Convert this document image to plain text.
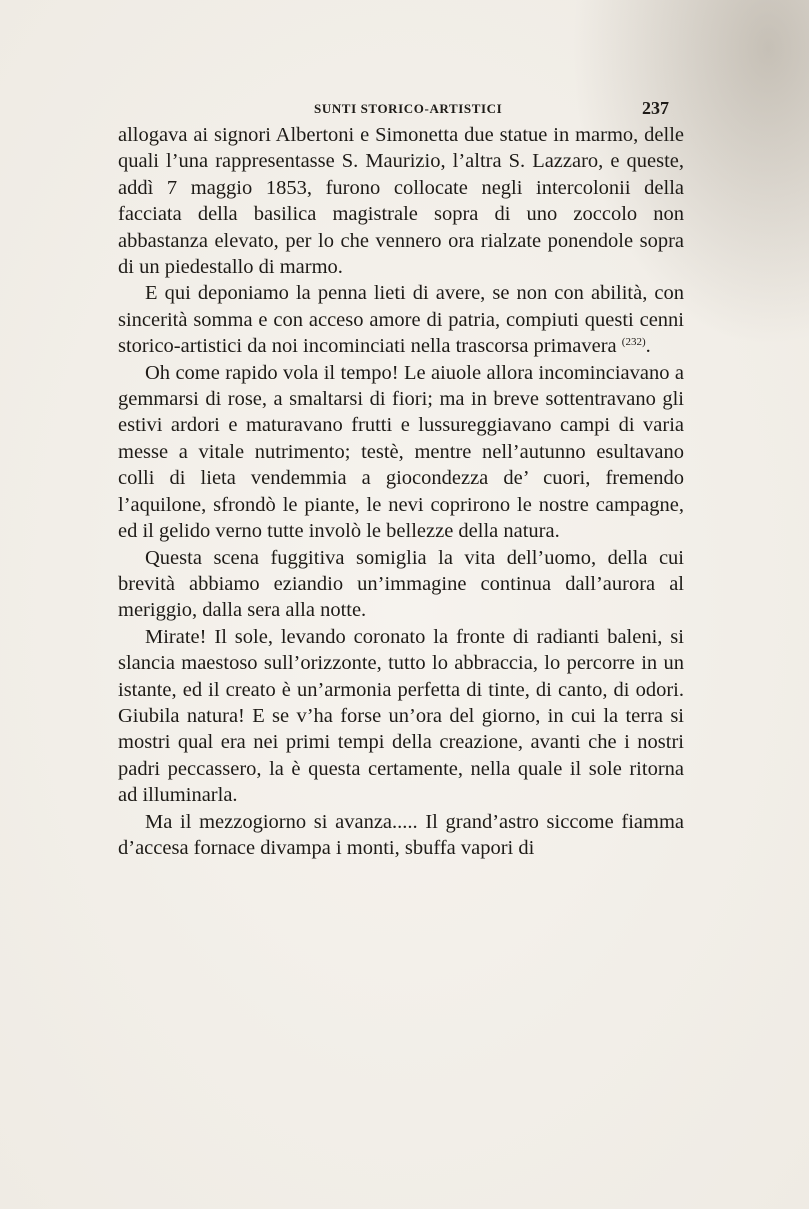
SUNTI STORICO-ARTISTICI	237

allogava ai signori Albertoni e Simonetta due statue in marmo, delle quali l’una rappresentasse S. Maurizio, l’altra S. Lazzaro, e queste, addì 7 maggio 1853, furono collocate negli intercolonii della facciata della basilica magistrale sopra di uno zoccolo non abbastanza elevato, per lo che vennero ora rialzate ponendole sopra di un piedestallo di marmo.

E qui deponiamo la penna lieti di avere, se non con abilità, con sincerità somma e con acceso amore di patria, compiuti questi cenni storico-artistici da noi incominciati nella trascorsa primavera $^{(232)}$.

Oh come rapido vola il tempo! Le aiuole allora incominciavano a gemmarsi di rose, a smaltarsi di fiori; ma in breve sottentravano gli estivi ardori e maturavano frutti e lussureggiavano campi di varia messe a vitale nutrimento; testè, mentre nell’autunno esultavano colli di lieta vendemmia a giocondezza de’ cuori, fremendo l’aquilone, sfrondò le piante, le nevi coprirono le nostre campagne, ed il gelido verno tutte involò le bellezze della natura.

Questa scena fuggitiva somiglia la vita dell’uomo, della cui brevità abbiamo eziandio un’immagine continua dall’aurora al meriggio, dalla sera alla notte.

Mirate! Il sole, levando coronato la fronte di radianti baleni, si slancia maestoso sull’orizzonte, tutto lo abbraccia, lo percorre in un istante, ed il creato è un’armonia perfetta di tinte, di canto, di odori. Giubila natura! E se v’ha forse un’ora del giorno, in cui la terra si mostri qual era nei primi tempi della creazione, avanti che i nostri padri peccassero, la è questa certamente, nella quale il sole ritorna ad illuminarla.

Ma il mezzogiorno si avanza..... Il grand’astro siccome fiamma d’accesa fornace divampa i monti, sbuffa vapori di
